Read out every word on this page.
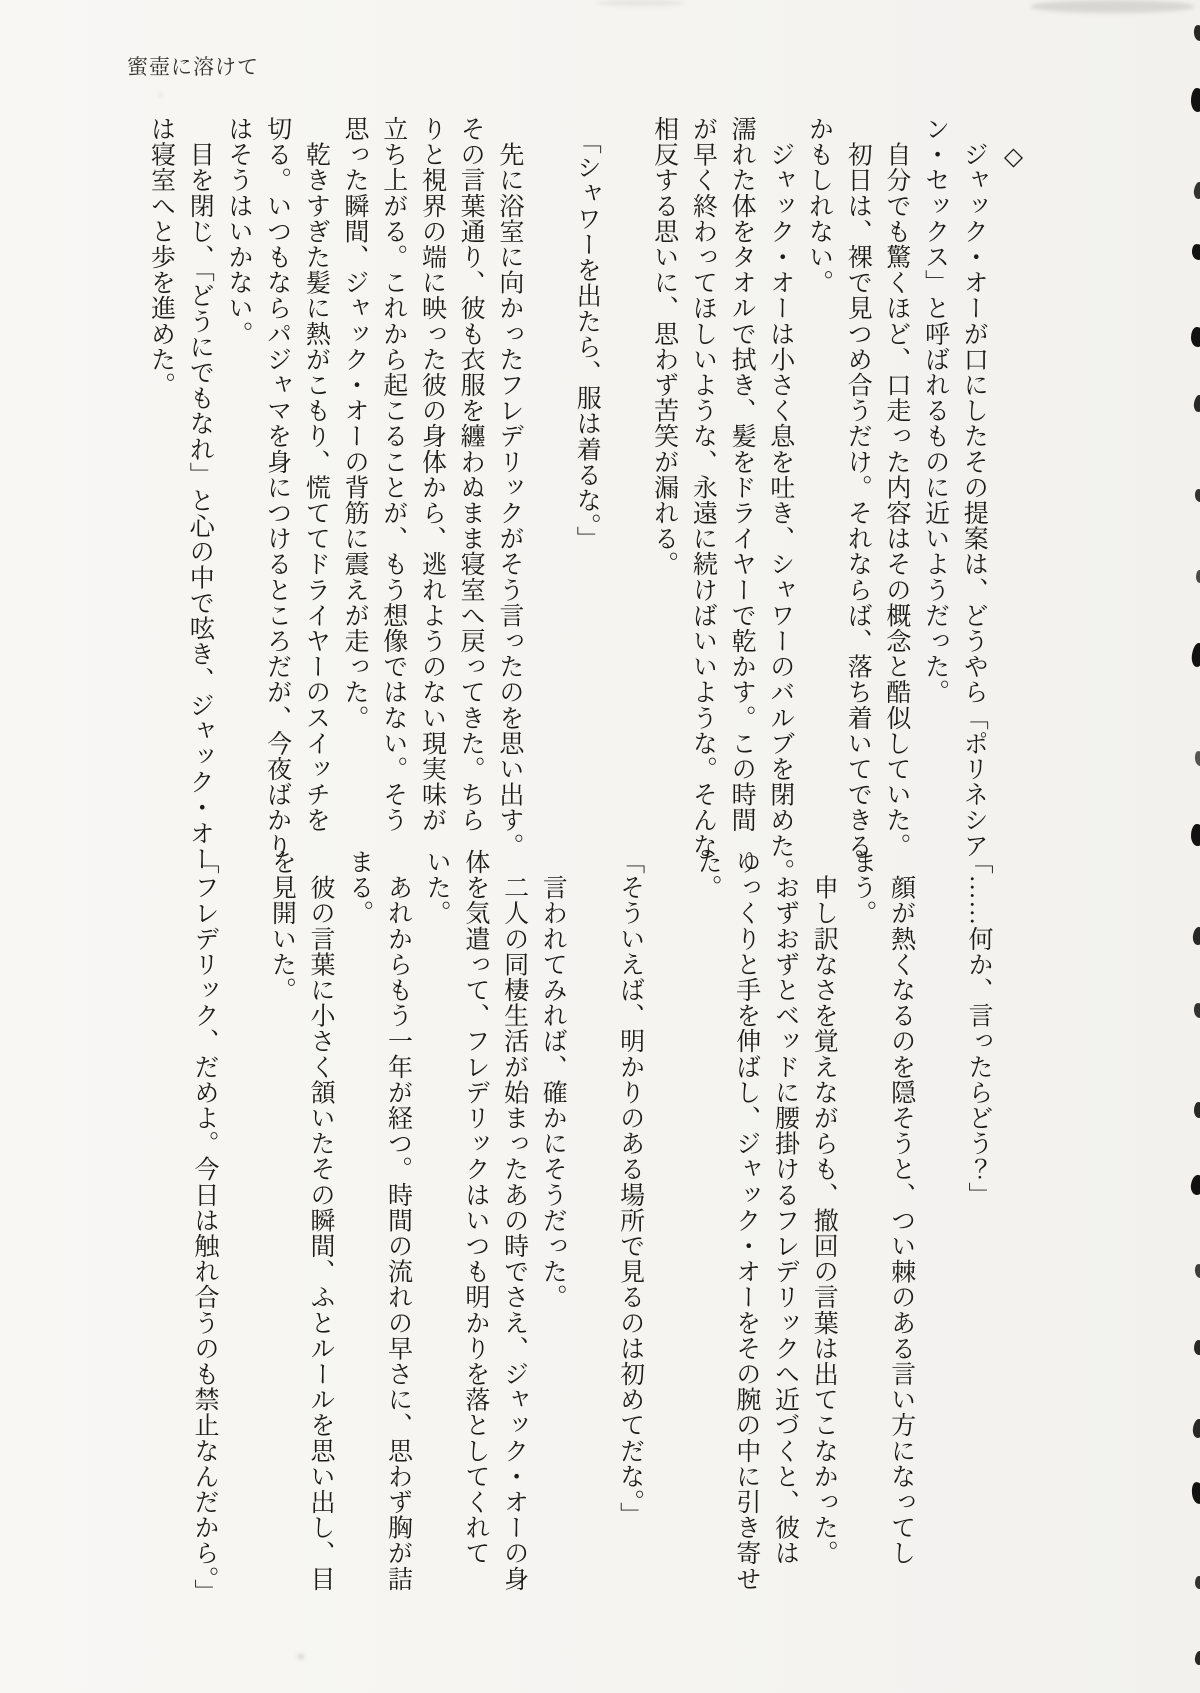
蜜壺に溶けて

　◇

　ジャック・オーが口にしたその提案は、どうやら「ポリネシア

ン・セックス」と呼ばれるものに近いようだった。

　自分でも驚くほど、口走った内容はその概念と酷似していた。

　初日は、裸で見つめ合うだけ。それならば、落ち着いてできる

かもしれない。

　ジャック・オーは小さく息を吐き、シャワーのバルブを閉めた。

濡れた体をタオルで拭き、髪をドライヤーで乾かす。この時間

が早く終わってほしいような、永遠に続けばいいような。そんな

相反する思いに、思わず苦笑が漏れる。

　「シャワーを出たら、服は着るな。」

　先に浴室に向かったフレデリックがそう言ったのを思い出す。

その言葉通り、彼も衣服を纏わぬまま寝室へ戻ってきた。ちら

りと視界の端に映った彼の身体から、逃れようのない現実味が

立ち上がる。これから起こることが、もう想像ではない。そう

思った瞬間、ジャック・オーの背筋に震えが走った。

　乾きすぎた髪に熱がこもり、慌ててドライヤーのスイッチを

切る。いつもならパジャマを身につけるところだが、今夜ばかり

はそうはいかない。

　目を閉じ、「どうにでもなれ」と心の中で呟き、ジャック・オー

は寝室へと歩を進めた。

「……何か、言ったらどう？」

　顔が熱くなるのを隠そうと、つい棘のある言い方になってし

まう。

　申し訳なさを覚えながらも、撤回の言葉は出てこなかった。

　おずおずとベッドに腰掛けるフレデリックへ近づくと、彼は

ゆっくりと手を伸ばし、ジャック・オーをその腕の中に引き寄せ

た。

「そういえば、明かりのある場所で見るのは初めてだな。」

　言われてみれば、確かにそうだった。

　二人の同棲生活が始まったあの時でさえ、ジャック・オーの身

体を気遣って、フレデリックはいつも明かりを落としてくれて

いた。

　あれからもう一年が経つ。時間の流れの早さに、思わず胸が詰

まる。

　彼の言葉に小さく頷いたその瞬間、ふとルールを思い出し、目

を見開いた。

「フレデリック、だめよ。今日は触れ合うのも禁止なんだから。」
